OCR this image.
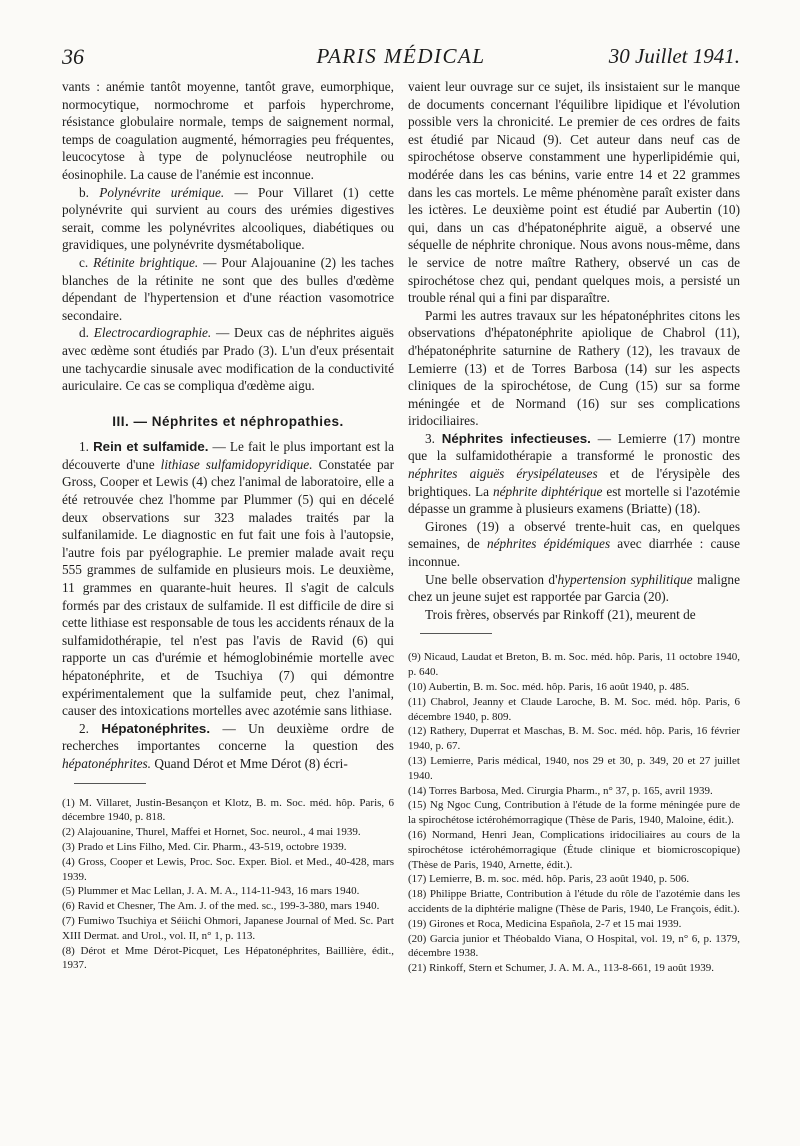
36	PARIS MÉDICAL	30 Juillet 1941.

vants : anémie tantôt moyenne, tantôt grave, eumorphique, normocytique, normochrome et parfois hyperchrome, résistance globulaire normale, temps de saignement normal, temps de coagulation augmenté, hémorragies peu fréquentes, leucocytose à type de polynucléose neutrophile ou éosinophile. La cause de l'anémie est inconnue.

b. Polynévrite urémique. — Pour Villaret (1) cette polynévrite qui survient au cours des urémies digestives serait, comme les polynévrites alcooliques, diabétiques ou gravidiques, une polynévrite dysmétabolique.

c. Rétinite brightique. — Pour Alajouanine (2) les taches blanches de la rétinite ne sont que des bulles d'œdème dépendant de l'hypertension et d'une réaction vasomotrice secondaire.

d. Electrocardiographie. — Deux cas de néphrites aiguës avec œdème sont étudiés par Prado (3). L'un d'eux présentait une tachycardie sinusale avec modification de la conductivité auriculaire. Ce cas se compliqua d'œdème aigu.

III. — Néphrites et néphropathies.

1. Rein et sulfamide. — Le fait le plus important est la découverte d'une lithiase sulfamidopyridique. Constatée par Gross, Cooper et Lewis (4) chez l'animal de laboratoire, elle a été retrouvée chez l'homme par Plummer (5) qui en décelé deux observations sur 323 malades traités par la sulfanilamide. Le diagnostic en fut fait une fois à l'autopsie, l'autre fois par pyélographie. Le premier malade avait reçu 555 grammes de sulfamide en plusieurs mois. Le deuxième, 11 grammes en quarante-huit heures. Il s'agit de calculs formés par des cristaux de sulfamide. Il est difficile de dire si cette lithiase est responsable de tous les accidents rénaux de la sulfamidothérapie, tel n'est pas l'avis de Ravid (6) qui rapporte un cas d'urémie et hémoglobinémie mortelle avec hépatonéphrite, et de Tsuchiya (7) qui démontre expérimentalement que la sulfamide peut, chez l'animal, causer des intoxications mortelles avec azotémie sans lithiase.

2. Hépatonéphrites. — Un deuxième ordre de recherches importantes concerne la question des hépatonéphrites. Quand Dérot et Mme Dérot (8) écri-

(1) M. Villaret, Justin-Besançon et Klotz, B. m. Soc. méd. hôp. Paris, 6 décembre 1940, p. 818.

(2) Alajouanine, Thurel, Maffei et Hornet, Soc. neurol., 4 mai 1939.

(3) Prado et Lins Filho, Med. Cir. Pharm., 43-519, octobre 1939.

(4) Gross, Cooper et Lewis, Proc. Soc. Exper. Biol. et Med., 40-428, mars 1939.

(5) Plummer et Mac Lellan, J. A. M. A., 114-11-943, 16 mars 1940.

(6) Ravid et Chesner, The Am. J. of the med. sc., 199-3-380, mars 1940.

(7) Fumiwo Tsuchiya et Séiichi Ohmori, Japanese Journal of Med. Sc. Part XIII Dermat. and Urol., vol. II, n° 1, p. 113.

(8) Dérot et Mme Dérot-Picquet, Les Hépatonéphrites, Baillière, édit., 1937.

vaient leur ouvrage sur ce sujet, ils insistaient sur le manque de documents concernant l'équilibre lipidique et l'évolution possible vers la chronicité. Le premier de ces ordres de faits est étudié par Nicaud (9). Cet auteur dans neuf cas de spirochétose observe constamment une hyperlipidémie qui, modérée dans les cas bénins, varie entre 14 et 22 grammes dans les cas mortels. Le même phénomène paraît exister dans les ictères. Le deuxième point est étudié par Aubertin (10) qui, dans un cas d'hépatonéphrite aiguë, a observé une séquelle de néphrite chronique. Nous avons nous-même, dans le service de notre maître Rathery, observé un cas de spirochétose chez qui, pendant quelques mois, a persisté un trouble rénal qui a fini par disparaître.

Parmi les autres travaux sur les hépatonéphrites citons les observations d'hépatonéphrite apiolique de Chabrol (11), d'hépatonéphrite saturnine de Rathery (12), les travaux de Lemierre (13) et de Torres Barbosa (14) sur les aspects cliniques de la spirochétose, de Cung (15) sur sa forme méningée et de Normand (16) sur ses complications iridociliaires.

3. Néphrites infectieuses. — Lemierre (17) montre que la sulfamidothérapie a transformé le pronostic des néphrites aiguës érysipélateuses et de l'érysipèle des brightiques. La néphrite diphtérique est mortelle si l'azotémie dépasse un gramme à plusieurs examens (Briatte) (18).

Girones (19) a observé trente-huit cas, en quelques semaines, de néphrites épidémiques avec diarrhée : cause inconnue.

Une belle observation d'hypertension syphilitique maligne chez un jeune sujet est rapportée par Garcia (20).

Trois frères, observés par Rinkoff (21), meurent de

(9) Nicaud, Laudat et Breton, B. m. Soc. méd. hôp. Paris, 11 octobre 1940, p. 640.

(10) Aubertin, B. m. Soc. méd. hôp. Paris, 16 août 1940, p. 485.

(11) Chabrol, Jeanny et Claude Laroche, B. M. Soc. méd. hôp. Paris, 6 décembre 1940, p. 809.

(12) Rathery, Duperrat et Maschas, B. M. Soc. méd. hôp. Paris, 16 février 1940, p. 67.

(13) Lemierre, Paris médical, 1940, nos 29 et 30, p. 349, 20 et 27 juillet 1940.

(14) Torres Barbosa, Med. Cirurgia Pharm., n° 37, p. 165, avril 1939.

(15) Ng Ngoc Cung, Contribution à l'étude de la forme méningée pure de la spirochétose ictérohémorragique (Thèse de Paris, 1940, Maloine, édit.).

(16) Normand, Henri Jean, Complications iridociliaires au cours de la spirochétose ictérohémorragique (Étude clinique et biomicroscopique) (Thèse de Paris, 1940, Arnette, édit.).

(17) Lemierre, B. m. soc. méd. hôp. Paris, 23 août 1940, p. 506.

(18) Philippe Briatte, Contribution à l'étude du rôle de l'azotémie dans les accidents de la diphtérie maligne (Thèse de Paris, 1940, Le François, édit.).

(19) Girones et Roca, Medicina Española, 2-7 et 15 mai 1939.

(20) Garcia junior et Théobaldo Viana, O Hospital, vol. 19, n° 6, p. 1379, décembre 1938.

(21) Rinkoff, Stern et Schumer, J. A. M. A., 113-8-661, 19 août 1939.
